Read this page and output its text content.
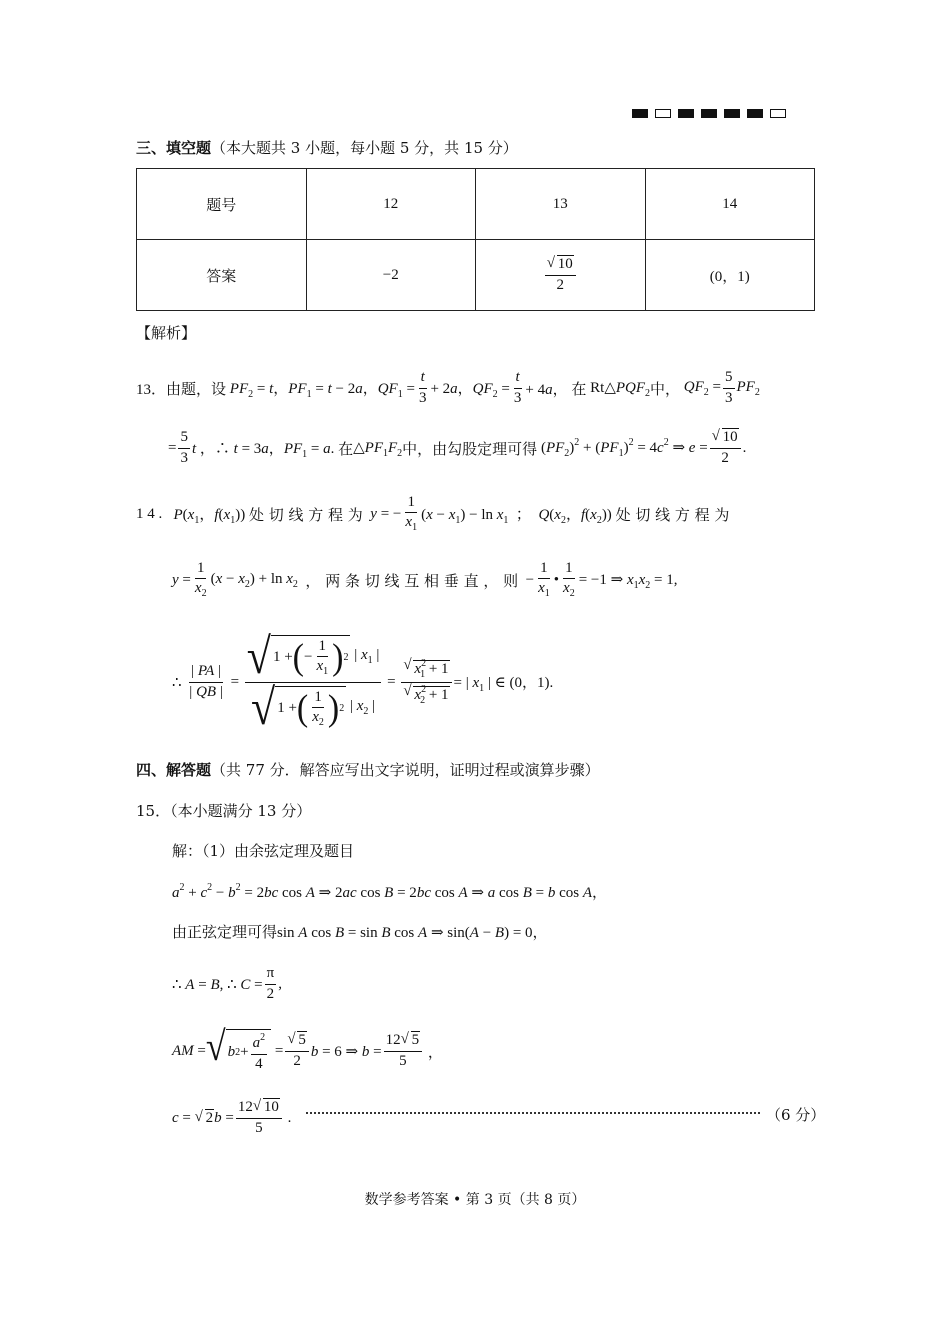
三、填空题（本大题共 3 小题，每小题 5 分，共 15 分）
题号	12	13	14
答案	−2	√ $\frac{10}{2}$	(0，1)
【解析】
13． 由题，设 $PF_2 = t$，$PF_1 = t - 2a$，$QF_1 = \frac{t}{3} + 2a$，$QF_2 = \frac{t}{3} + 4a$， 在 $Rt\triangle PQF_2$ 中， $QF_2 = \frac{5}{3} PF_2$
= $\frac{5}{3}$ t ，∴ t = 3a，$PF_1 = a$. 在 $\triangle PF_1F_2$ 中，由勾股定理可得 $(PF_2)^2 + (PF_1)^2 = 4c^2$ ⇒ e = √ $\frac{10}{2}$ .
1 4 . $P(x_1$，$f(x_1)$) 处 切 线 方 程 为 y = − $\frac{1}{x_1} (x - x_1) - \ln x_1$  ；  $Q(x_2$，$f(x_2)$) 处 切 线 方 程 为
$y = \frac{1}{x_2} (x - x_2) + \ln x_2$ ， 两 条 切 线 互 相 垂 直 ， 则 − $\frac{1}{x_1}$ • $\frac{1}{x_2} = -1$ ⇒ $x_1x_2 = 1$,
∴ $\frac{| PA |}{| QB |} = \frac{√ 1 + ( - \frac{1}{x_1} ) 2 | x_1 |}{√ 1 + ( \frac{1}{x_2} ) 2 | x_2 |}$ = √ $x^2_1 + 1$
√ $x^2_2 + 1$ = | $x_1$ | ∈ (0，1).
四、解答题（共 77 分．解答应写出文字说明，证明过程或演算步骤）
15．（本小题满分 13 分）
解：（1）由余弦定理及题目
$a^2 + c^2 - b^2 = 2bc$ cos A ⇒ 2ac cos B = 2bc cos A ⇒ a cos B = b cos A，
由正弦定理可得sin A cos B = sin B cos A ⇒ sin(A − B) = 0，
∴ A = B, ∴ $C = \frac{\pi}{2}$ ,
AM = √ b $2 + \frac{a^2}{4}$ = √ $\frac{5}{2}$ b = 6 ⇒ $b = \frac{12 √ 5}{5}$ ，
c = √ $2b = \frac{12 √ 10}{5}$ .	（6 分）
数学参考答案 • 第 3 页（共 8 页）
